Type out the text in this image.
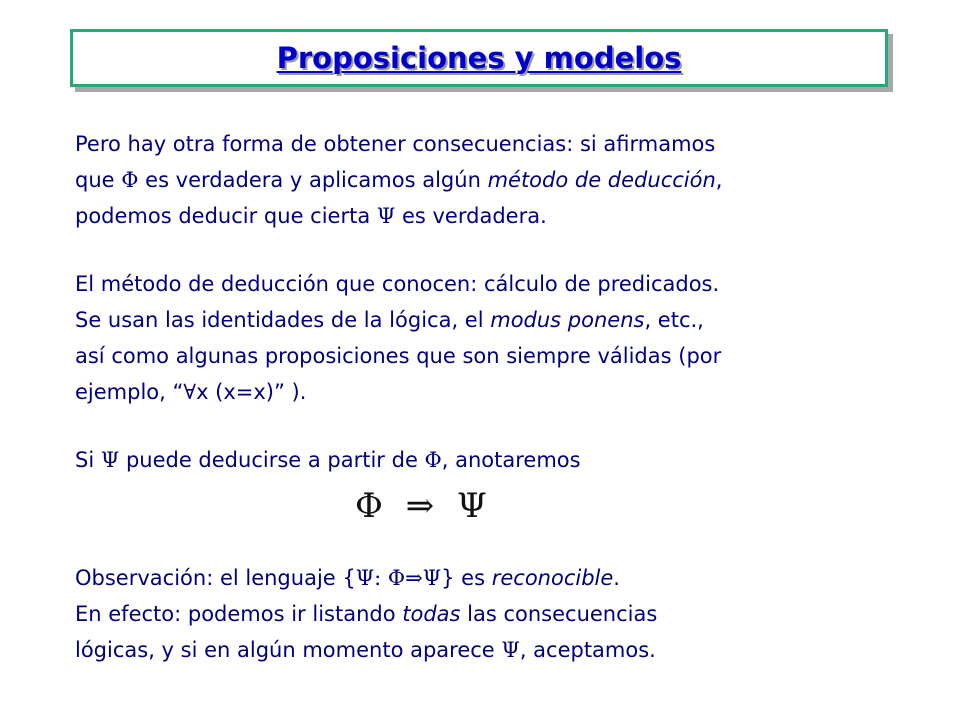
Proposiciones y modelos
Pero hay otra forma de obtener consecuencias: si afirmamos
que Φ es verdadera y aplicamos algún método de deducción,
podemos deducir que cierta Ψ es verdadera.
El método de deducción que conocen: cálculo de predicados.
Se usan las identidades de la lógica, el modus ponens, etc.,
así como algunas proposiciones que son siempre válidas (por
ejemplo, “∀x (x=x)” ).
Si Ψ puede deducirse a partir de Φ, anotaremos
Φ ⇒ Ψ
Observación: el lenguaje {Ψ: Φ⇒Ψ} es reconocible.
En efecto: podemos ir listando todas las consecuencias
lógicas, y si en algún momento aparece Ψ, aceptamos.
